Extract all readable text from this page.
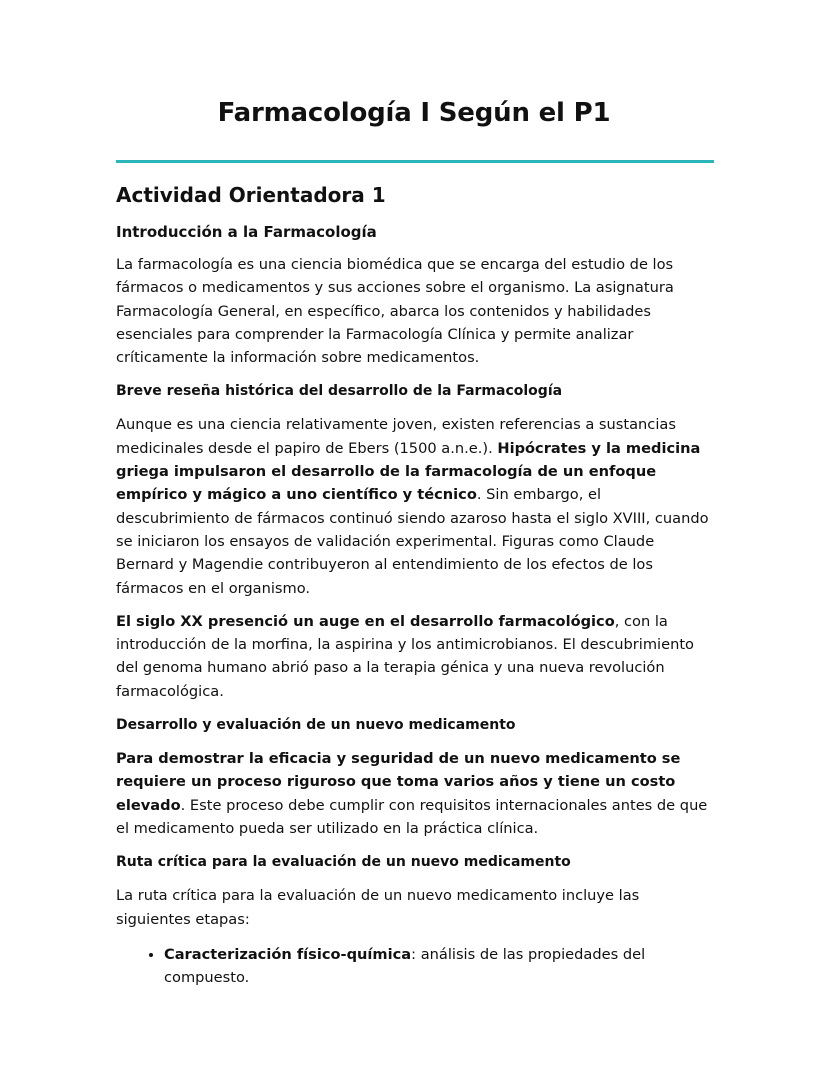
Farmacología I Según el P1
Actividad Orientadora 1
Introducción a la Farmacología

La farmacología es una ciencia biomédica que se encarga del estudio de los fármacos o medicamentos y sus acciones sobre el organismo. La asignatura Farmacología General, en específico, abarca los contenidos y habilidades esenciales para comprender la Farmacología Clínica y permite analizar críticamente la información sobre medicamentos.

Breve reseña histórica del desarrollo de la Farmacología

Aunque es una ciencia relativamente joven, existen referencias a sustancias medicinales desde el papiro de Ebers (1500 a.n.e.). Hipócrates y la medicina griega impulsaron el desarrollo de la farmacología de un enfoque empírico y mágico a uno científico y técnico. Sin embargo, el descubrimiento de fármacos continuó siendo azaroso hasta el siglo XVIII, cuando se iniciaron los ensayos de validación experimental. Figuras como Claude Bernard y Magendie contribuyeron al entendimiento de los efectos de los fármacos en el organismo.

El siglo XX presenció un auge en el desarrollo farmacológico, con la introducción de la morfina, la aspirina y los antimicrobianos. El descubrimiento del genoma humano abrió paso a la terapia génica y una nueva revolución farmacológica.

Desarrollo y evaluación de un nuevo medicamento

Para demostrar la eficacia y seguridad de un nuevo medicamento se requiere un proceso riguroso que toma varios años y tiene un costo elevado. Este proceso debe cumplir con requisitos internacionales antes de que el medicamento pueda ser utilizado en la práctica clínica.

Ruta crítica para la evaluación de un nuevo medicamento

La ruta crítica para la evaluación de un nuevo medicamento incluye las siguientes etapas:

• Caracterización físico-química: análisis de las propiedades del compuesto.
